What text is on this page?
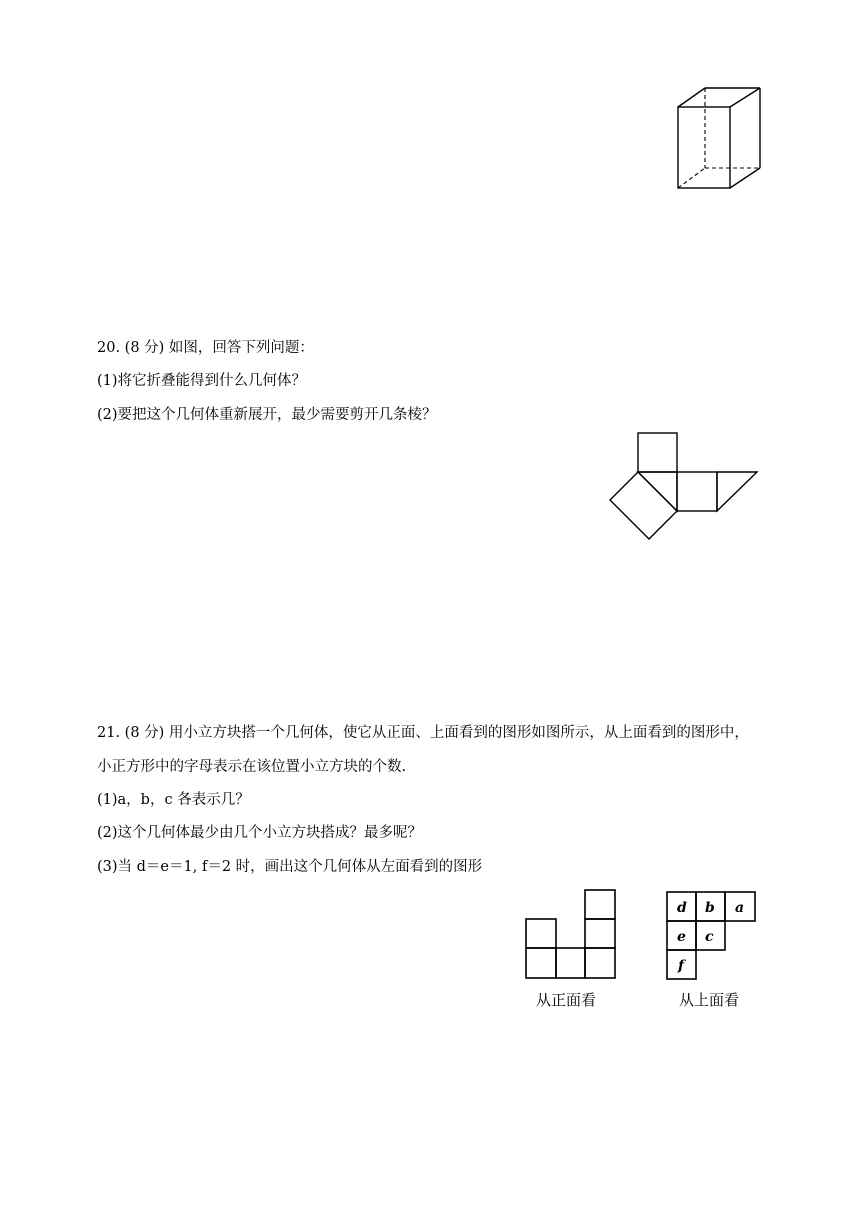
20. (8 分) 如图，回答下列问题：
(1)将它折叠能得到什么几何体？
(2)要把这个几何体重新展开，最少需要剪开几条棱？
21. (8 分) 用小立方块搭一个几何体，使它从正面、上面看到的图形如图所示，从上面看到的图形中，
小正方形中的字母表示在该位置小立方块的个数.
(1)a，b，c 各表示几？
(2)这个几何体最少由几个小立方块搭成？最多呢？
(3)当 d＝e＝1, f＝2 时，画出这个几何体从左面看到的图形
从正面看
d b a
e c
f
从上面看
